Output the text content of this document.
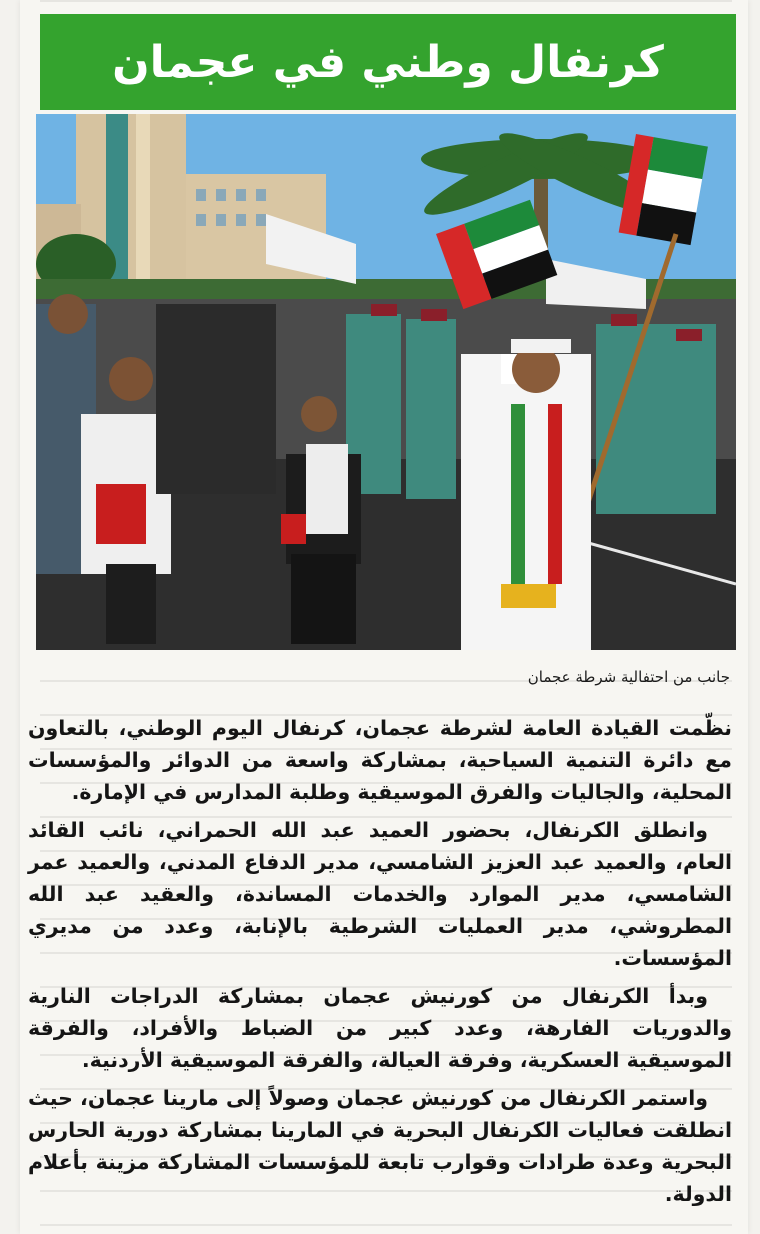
كرنفال وطني في عجمان
جانب من احتفالية شرطة عجمان

نظّمت القيادة العامة لشرطة عجمان، كرنفال اليوم الوطني، بالتعاون مع دائرة التنمية السياحية، بمشاركة واسعة من الدوائر والمؤسسات المحلية، والجاليات والفرق الموسيقية وطلبة المدارس في الإمارة.

وانطلق الكرنفال، بحضور العميد عبد الله الحمراني، نائب القائد العام، والعميد عبد العزيز الشامسي، مدير الدفاع المدني، والعميد عمر الشامسي، مدير الموارد والخدمات المساندة، والعقيد عبد الله المطروشي، مدير العمليات الشرطية بالإنابة، وعدد من مديري المؤسسات.

وبدأ الكرنفال من كورنيش عجمان بمشاركة الدراجات النارية والدوريات الفارهة، وعدد كبير من الضباط والأفراد، والفرقة الموسيقية العسكرية، وفرقة العيالة، والفرقة الموسيقية الأردنية.

واستمر الكرنفال من كورنيش عجمان وصولاً إلى مارينا عجمان، حيث انطلقت فعاليات الكرنفال البحرية في المارينا بمشاركة دورية الحارس البحرية وعدة طرادات وقوارب تابعة للمؤسسات المشاركة مزينة بأعلام الدولة.
